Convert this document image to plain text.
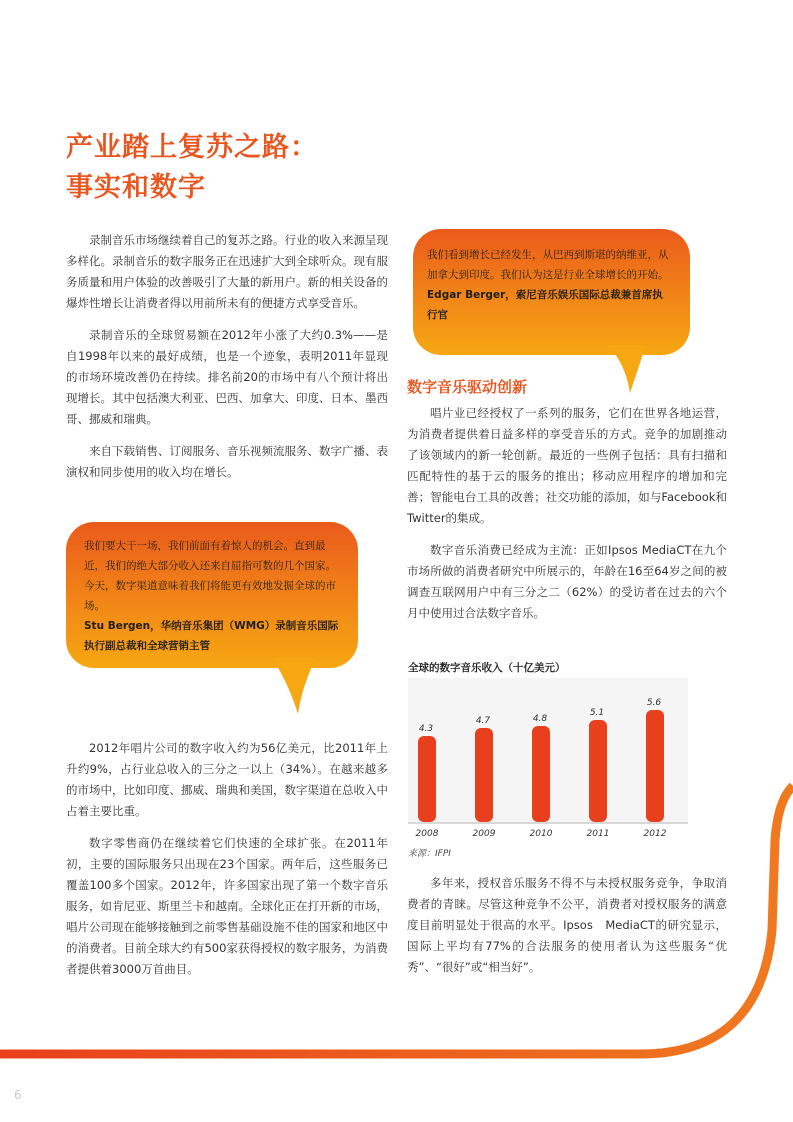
产业踏上复苏之路：
事实和数字

录制音乐市场继续着自己的复苏之路。行业的收入来源呈现多样化。录制音乐的数字服务正在迅速扩大到全球听众。现有服务质量和用户体验的改善吸引了大量的新用户。新的相关设备的爆炸性增长让消费者得以用前所未有的便捷方式享受音乐。

录制音乐的全球贸易额在2012年小涨了大约0.3%——是自1998年以来的最好成绩，也是一个迹象，表明2011年显现的市场环境改善仍在持续。排名前20的市场中有八个预计将出现增长。其中包括澳大利亚、巴西、加拿大、印度、日本、墨西哥、挪威和瑞典。

来自下载销售、订阅服务、音乐视频流服务、数字广播、表演权和同步使用的收入均在增长。

我们看到增长已经发生，从巴西到斯堪的纳维亚，从加拿大到印度。我们认为这是行业全球增长的开始。

Edgar Berger，索尼音乐娱乐国际总裁兼首席执行官

数字音乐驱动创新

唱片业已经授权了一系列的服务，它们在世界各地运营，为消费者提供着日益多样的享受音乐的方式。竞争的加剧推动了该领域内的新一轮创新。最近的一些例子包括：具有扫描和匹配特性的基于云的服务的推出；移动应用程序的增加和完善；智能电台工具的改善；社交功能的添加，如与Facebook和Twitter的集成。

数字音乐消费已经成为主流：正如Ipsos MediaCT在九个市场所做的消费者研究中所展示的，年龄在16至64岁之间的被调查互联网用户中有三分之二（62%）的受访者在过去的六个月中使用过合法数字音乐。

我们要大干一场，我们前面有着惊人的机会。直到最近，我们的绝大部分收入还来自屈指可数的几个国家。今天，数字渠道意味着我们将能更有效地发掘全球的市场。

Stu Bergen，华纳音乐集团（WMG）录制音乐国际执行副总裁和全球营销主管

2012年唱片公司的数字收入约为56亿美元，比2011年上升约9%，占行业总收入的三分之一以上（34%）。在越来越多的市场中，比如印度、挪威、瑞典和美国，数字渠道在总收入中占着主要比重。

数字零售商仍在继续着它们快速的全球扩张。在2011年初，主要的国际服务只出现在23个国家。两年后，这些服务已覆盖100多个国家。2012年，许多国家出现了第一个数字音乐服务，如肯尼亚、斯里兰卡和越南。全球化正在打开新的市场，唱片公司现在能够接触到之前零售基础设施不佳的国家和地区中的消费者。目前全球大约有500家获得授权的数字服务，为消费者提供着3000万首曲目。

全球的数字音乐收入（十亿美元）

4.3
2008
4.7
2009
4.8
2010
5.1
2011
5.6
2012

来源：IFPI

多年来，授权音乐服务不得不与未授权服务竞争，争取消费者的青睐。尽管这种竞争不公平，消费者对授权服务的满意度目前明显处于很高的水平。Ipsos　MediaCT的研究显示，国际上平均有77%的合法服务的使用者认为这些服务“优秀”、“很好”或“相当好”。

6
